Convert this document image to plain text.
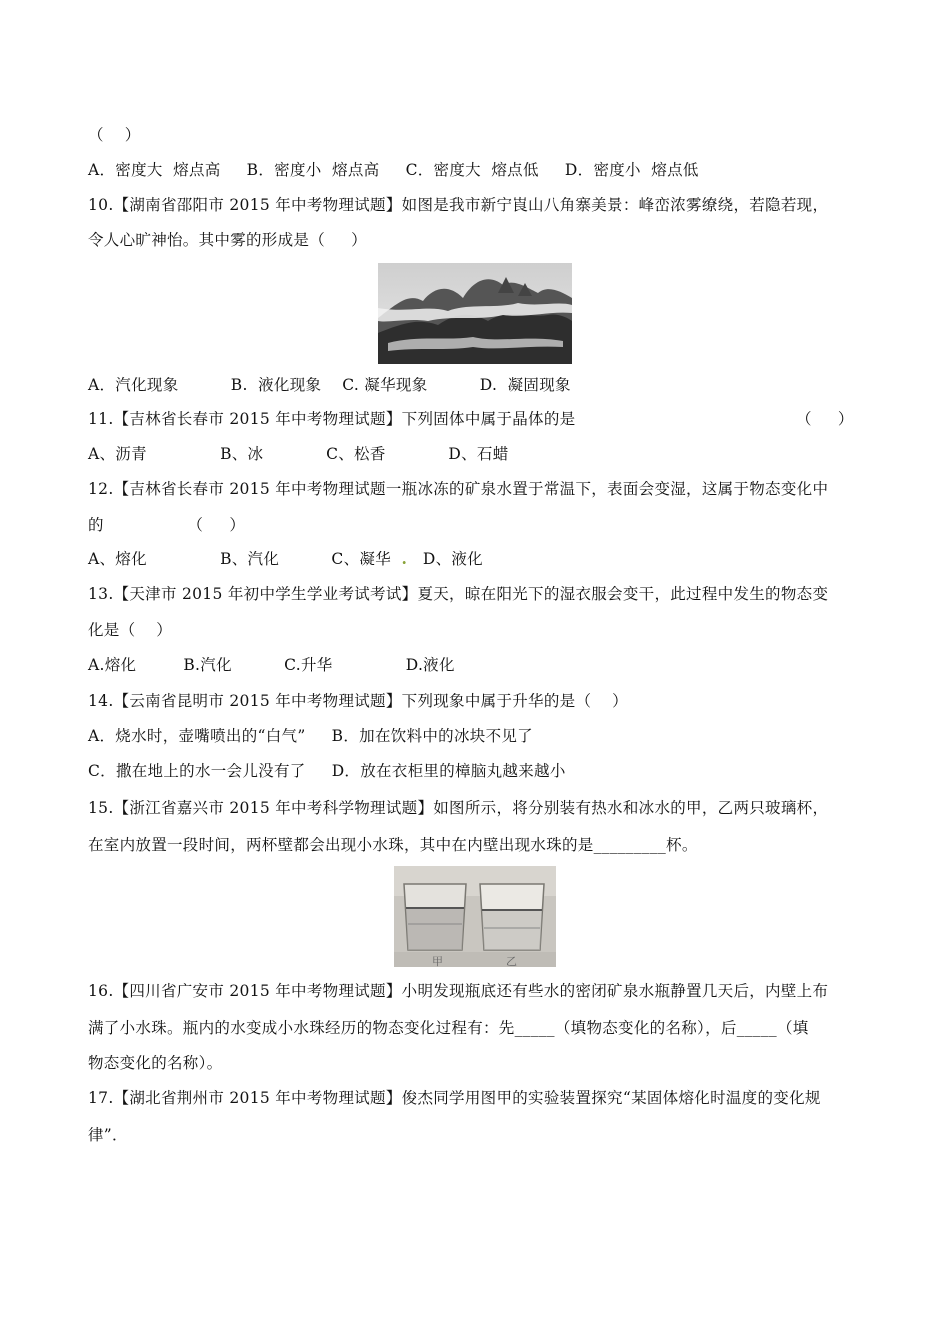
（    ）
A．密度大  熔点高     B．密度小  熔点高     C．密度大  熔点低     D．密度小  熔点低
10.【湖南省邵阳市 2015 年中考物理试题】如图是我市新宁崀山八角寨美景：峰峦浓雾缭绕，若隐若现，
令人心旷神怡。其中雾的形成是（     ）
A．汽化现象          B.  液化现象    C. 凝华现象          D.  凝固现象
11.【吉林省长春市 2015 年中考物理试题】下列固体中属于晶体的是	（     ）
A、沥青              B、冰            C、松香            D、石蜡
12.【吉林省长春市 2015 年中考物理试题一瓶冰冻的矿泉水置于常温下，表面会变湿，这属于物态变化中
的                （     ）
A、熔化              B、汽化          C、凝华  .   D、液化
13.【天津市 2015 年初中学生学业考试考试】夏天，晾在阳光下的湿衣服会变干，此过程中发生的物态变
化是（    ）
A.熔化         B.汽化          C.升华              D.液化
14.【云南省昆明市 2015 年中考物理试题】下列现象中属于升华的是（    ）
A．烧水时，壶嘴喷出的“白气”     B．加在饮料中的冰块不见了
C．撒在地上的水一会儿没有了     D．放在衣柜里的樟脑丸越来越小
15.【浙江省嘉兴市 2015 年中考科学物理试题】如图所示，将分别装有热水和冰水的甲，乙两只玻璃杯，
在室内放置一段时间，两杯壁都会出现小水珠，其中在内壁出现水珠的是_________杯。
甲	乙
16.【四川省广安市 2015 年中考物理试题】小明发现瓶底还有些水的密闭矿泉水瓶静置几天后，内壁上布
满了小水珠。瓶内的水变成小水珠经历的物态变化过程有：先_____（填物态变化的名称），后_____（填
物态变化的名称）。
17.【湖北省荆州市 2015 年中考物理试题】俊杰同学用图甲的实验装置探究“某固体熔化时温度的变化规
律”．
